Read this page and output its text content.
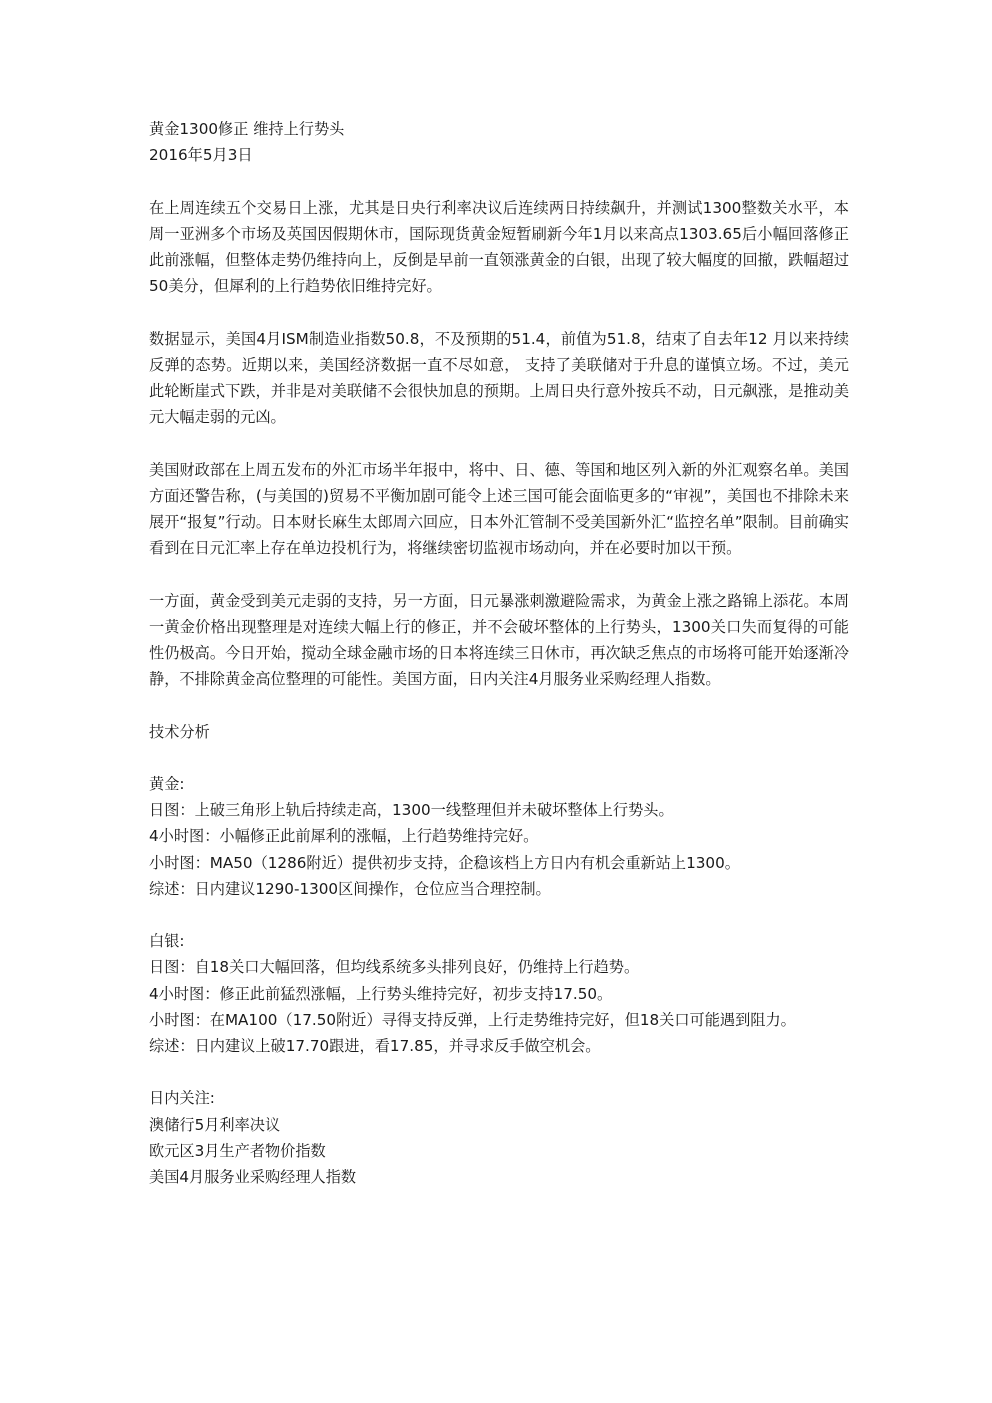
黄金1300修正 维持上行势头
2016年5月3日

在上周连续五个交易日上涨，尤其是日央行利率决议后连续两日持续飙升，并测试1300整数关水平，本周一亚洲多个市场及英国因假期休市，国际现货黄金短暂刷新今年1月以来高点1303.65后小幅回落修正此前涨幅，但整体走势仍维持向上，反倒是早前一直领涨黄金的白银，出现了较大幅度的回撤，跌幅超过50美分，但犀利的上行趋势依旧维持完好。

数据显示，美国4月ISM制造业指数50.8，不及预期的51.4，前值为51.8，结束了自去年12 月以来持续反弹的态势。近期以来，美国经济数据一直不尽如意， 支持了美联储对于升息的谨慎立场。不过，美元此轮断崖式下跌，并非是对美联储不会很快加息的预期。上周日央行意外按兵不动，日元飙涨，是推动美元大幅走弱的元凶。

美国财政部在上周五发布的外汇市场半年报中，将中、日、德、等国和地区列入新的外汇观察名单。美国方面还警告称，(与美国的)贸易不平衡加剧可能令上述三国可能会面临更多的“审视”，美国也不排除未来展开“报复”行动。日本财长麻生太郎周六回应，日本外汇管制不受美国新外汇“监控名单”限制。目前确实看到在日元汇率上存在单边投机行为，将继续密切监视市场动向，并在必要时加以干预。

一方面，黄金受到美元走弱的支持，另一方面，日元暴涨刺激避险需求，为黄金上涨之路锦上添花。本周一黄金价格出现整理是对连续大幅上行的修正，并不会破坏整体的上行势头，1300关口失而复得的可能性仍极高。今日开始，搅动全球金融市场的日本将连续三日休市，再次缺乏焦点的市场将可能开始逐渐冷静，不排除黄金高位整理的可能性。美国方面，日内关注4月服务业采购经理人指数。

技术分析
黄金:
日图：上破三角形上轨后持续走高，1300一线整理但并未破坏整体上行势头。
4小时图：小幅修正此前犀利的涨幅，上行趋势维持完好。
小时图：MA50（1286附近）提供初步支持，企稳该档上方日内有机会重新站上1300。
综述：日内建议1290-1300区间操作，仓位应当合理控制。
白银:
日图：自18关口大幅回落，但均线系统多头排列良好，仍维持上行趋势。
4小时图：修正此前猛烈涨幅，上行势头维持完好，初步支持17.50。
小时图：在MA100（17.50附近）寻得支持反弹，上行走势维持完好，但18关口可能遇到阻力。
综述：日内建议上破17.70跟进，看17.85，并寻求反手做空机会。
日内关注:
澳储行5月利率决议
欧元区3月生产者物价指数
美国4月服务业采购经理人指数
